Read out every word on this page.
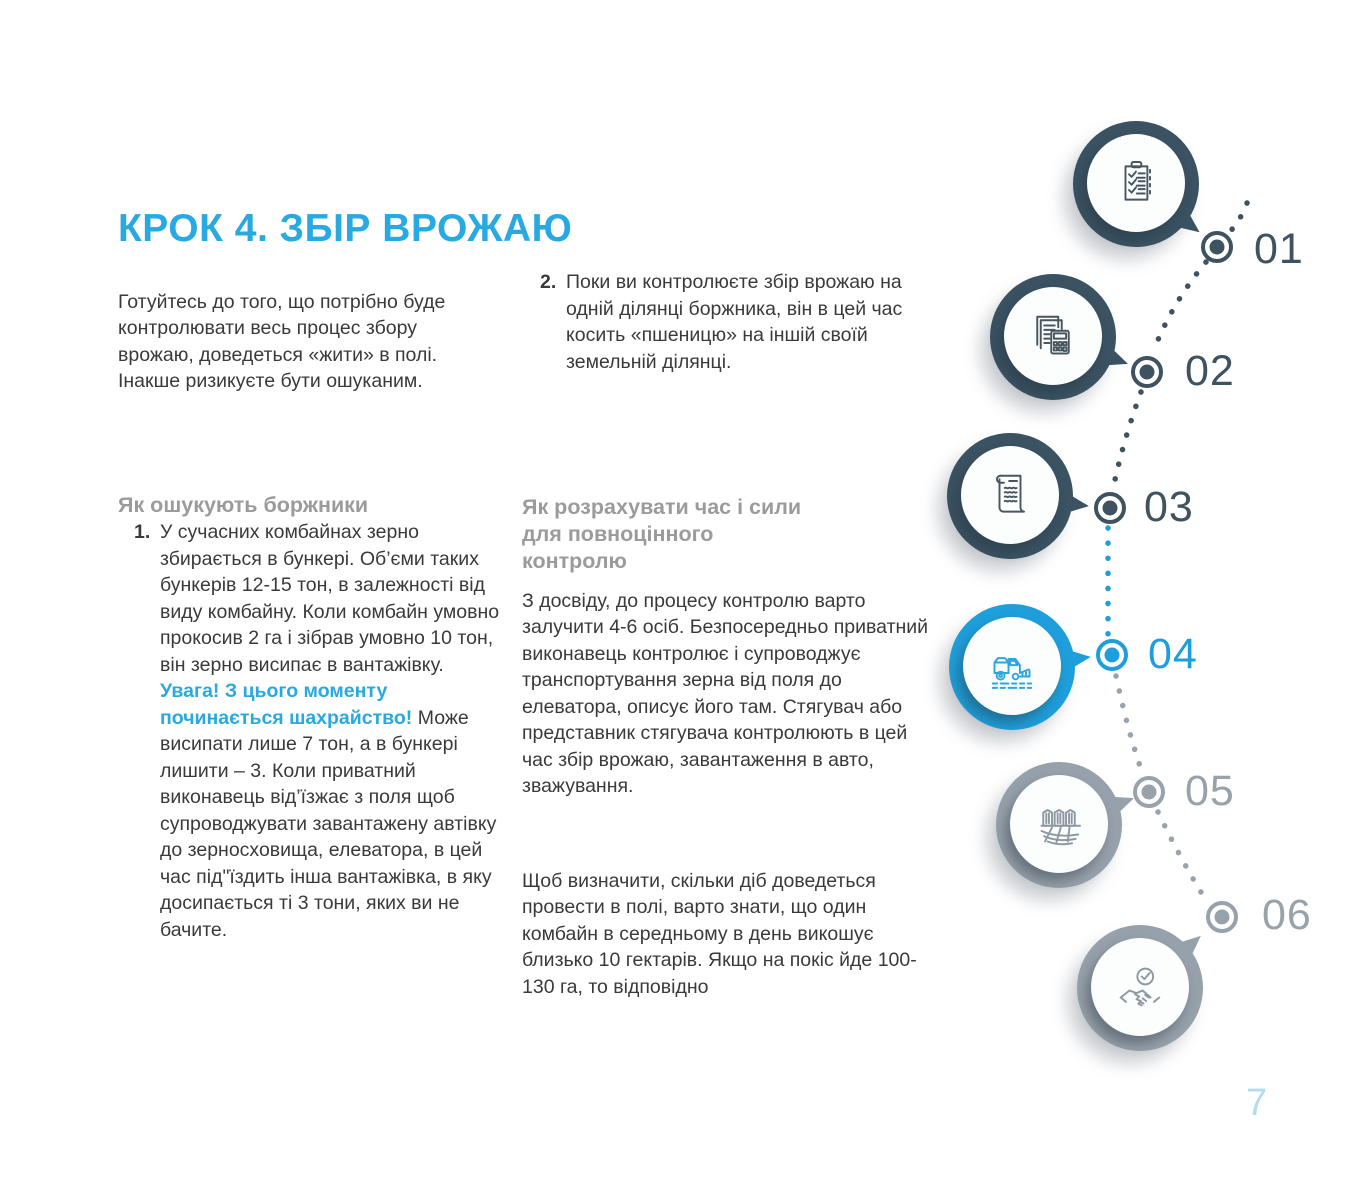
КРОК 4. ЗБІР ВРОЖАЮ

Готуйтесь до того, що потрібно буде контролювати весь процес збору врожаю, доведеться «жити» в полі. Інакше ризикуєте бути ошуканим.

2. Поки ви контролюєте збір врожаю на одній ділянці боржника, він в цей час косить «пшеницю» на іншій своїй земельній ділянці.
Як ошукують боржники
1. У сучасних комбайнах зерно збирається в бункері. Об’єми таких бункерів 12-15 тон, в залежності від виду комбайну. Коли комбайн умовно прокосив 2 га і зібрав умовно 10 тон, він зерно висипає в вантажівку. Увага! З цього моменту починається шахрайство! Може висипати лише 7 тон, а в бункері лишити – 3. Коли приватний виконавець від’їзжає з поля щоб супроводжувати завантажену автівку до зерносховища, елеватора, в цей час під"їздить інша вантажівка, в яку досипається ті 3 тони, яких ви не бачите.
Як розрахувати час і сили для повноцінного контролю

З досвіду, до процесу контролю варто залучити 4-6 осіб. Безпосередньо приватний виконавець контролює і супроводжує транспортування зерна від поля до елеватора, описує його там. Стягувач або представник стягувача контролюють в цей час збір врожаю, завантаження в авто, зважування.

Щоб визначити, скільки діб доведеться провести в полі, варто знати, що один комбайн в середньому в день викошує близько 10 гектарів. Якщо на покіс йде 100-130 га, то відповідно

01
02
03
04
05
06
7
